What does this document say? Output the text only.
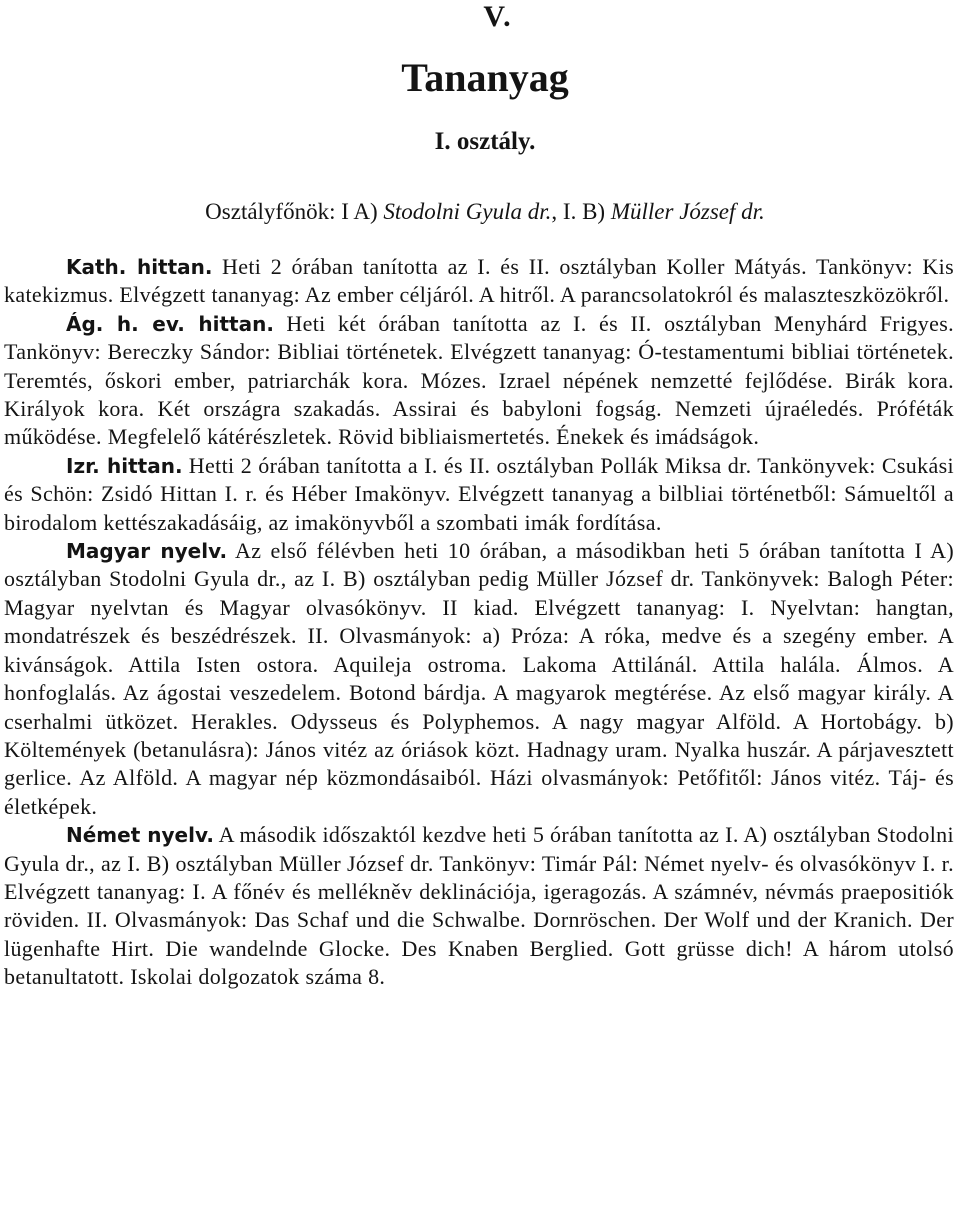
V.
Tananyag
I. osztály.
Osztályfőnök: I A) Stodolni Gyula dr., I. B) Müller József dr.

Kath. hittan. Heti 2 órában tanította az I. és II. osztályban Koller Mátyás. Tankönyv: Kis katekizmus. Elvégzett tananyag: Az ember céljáról. A hitről. A parancsolatokról és malaszteszközökről.

Ág. h. ev. hittan. Heti két órában tanította az I. és II. osztályban Menyhárd Frigyes. Tankönyv: Bereczky Sándor: Bibliai történetek. Elvégzett tananyag: Ó-testamentumi bibliai történetek. Teremtés, őskori ember, patriarchák kora. Mózes. Izrael népének nemzetté fejlődése. Birák kora. Királyok kora. Két országra szakadás. Assirai és babyloni fogság. Nemzeti újraéledés. Próféták működése. Megfelelő kátérészletek. Rövid bibliaismertetés. Énekek és imádságok.

Izr. hittan. Hetti 2 órában tanította a I. és II. osztályban Pollák Miksa dr. Tankönyvek: Csukási és Schön: Zsidó Hittan I. r. és Héber Imakönyv. Elvégzett tananyag a bilbliai történetből: Sámueltől a birodalom kettészakadásáig, az imakönyvből a szombati imák fordítása.

Magyar nyelv. Az első félévben heti 10 órában, a másodikban heti 5 órában tanította I A) osztályban Stodolni Gyula dr., az I. B) osztályban pedig Müller József dr. Tankönyvek: Balogh Péter: Magyar nyelvtan és Magyar olvasókönyv. II kiad. Elvégzett tananyag: I. Nyelvtan: hangtan, mondatrészek és beszédrészek. II. Olvasmányok: a) Próza: A róka, medve és a szegény ember. A kivánságok. Attila Isten ostora. Aquileja ostroma. Lakoma Attilánál. Attila halála. Álmos. A honfoglalás. Az ágostai veszedelem. Botond bárdja. A magyarok megtérése. Az első magyar király. A cserhalmi ütközet. Herakles. Odysseus és Polyphemos. A nagy magyar Alföld. A Hortobágy. b) Költemények (betanulásra): János vitéz az óriások közt. Hadnagy uram. Nyalka huszár. A párjavesztett gerlice. Az Alföld. A magyar nép közmondásaiból. Házi olvasmányok: Petőfitől: János vitéz. Táj- és életképek.

Német nyelv. A második időszaktól kezdve heti 5 órában tanította az I. A) osztályban Stodolni Gyula dr., az I. B) osztályban Müller József dr. Tankönyv: Timár Pál: Német nyelv- és olvasókönyv I. r. Elvégzett tananyag: I. A főnév és mellékněv deklinációja, igeragozás. A számnév, névmás praepositiók röviden. II. Olvasmányok: Das Schaf und die Schwalbe. Dornröschen. Der Wolf und der Kranich. Der lügenhafte Hirt. Die wandelnde Glocke. Des Knaben Berglied. Gott grüsse dich! A három utolsó betanultatott. Iskolai dolgozatok száma 8.
